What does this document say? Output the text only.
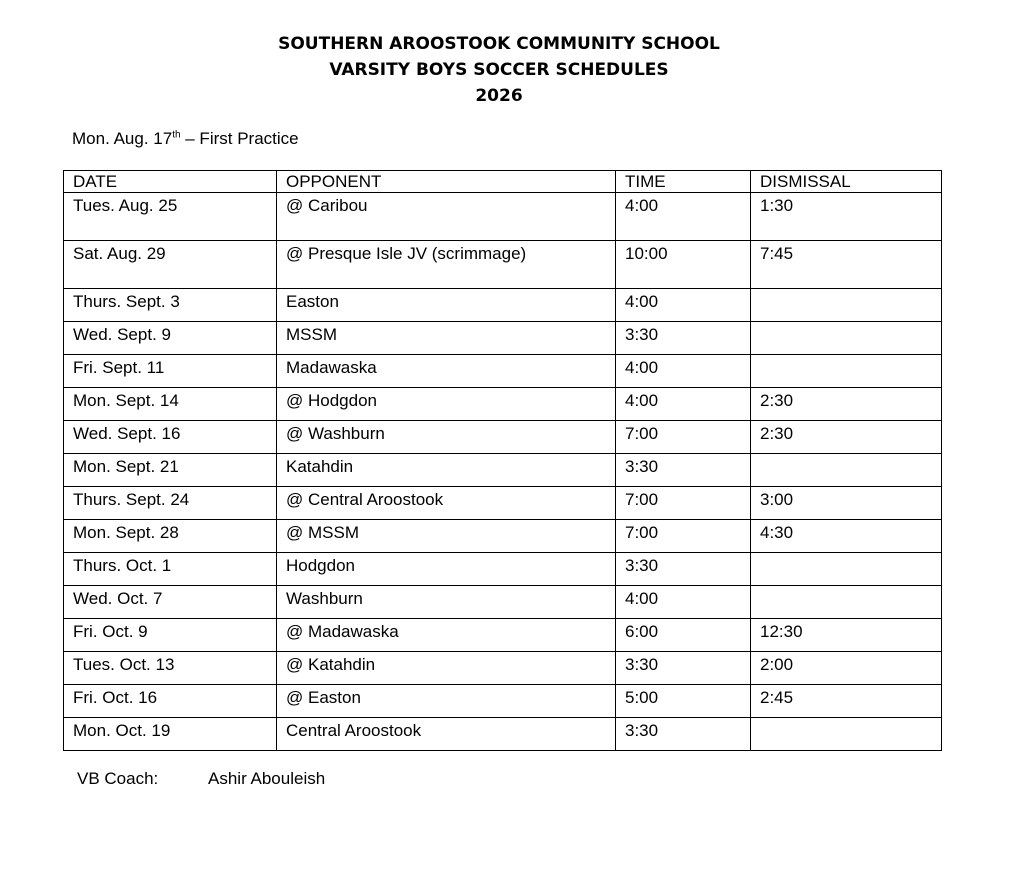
SOUTHERN AROOSTOOK COMMUNITY SCHOOL
VARSITY BOYS SOCCER SCHEDULES
2026
Mon. Aug. 17th – First Practice
DATE	OPPONENT	TIME	DISMISSAL
Tues. Aug. 25	@ Caribou	4:00	1:30
Sat. Aug. 29	@ Presque Isle JV (scrimmage)	10:00	7:45
Thurs. Sept. 3	Easton	4:00	
Wed. Sept. 9	MSSM	3:30	
Fri. Sept. 11	Madawaska	4:00	
Mon. Sept. 14	@ Hodgdon	4:00	2:30
Wed. Sept. 16	@ Washburn	7:00	2:30
Mon. Sept. 21	Katahdin	3:30	
Thurs. Sept. 24	@ Central Aroostook	7:00	3:00
Mon. Sept. 28	@ MSSM	7:00	4:30
Thurs. Oct. 1	Hodgdon	3:30	
Wed. Oct. 7	Washburn	4:00	
Fri. Oct. 9	@ Madawaska	6:00	12:30
Tues. Oct. 13	@ Katahdin	3:30	2:00
Fri. Oct. 16	@ Easton	5:00	2:45
Mon. Oct. 19	Central Aroostook	3:30	
VB Coach:	Ashir Abouleish
